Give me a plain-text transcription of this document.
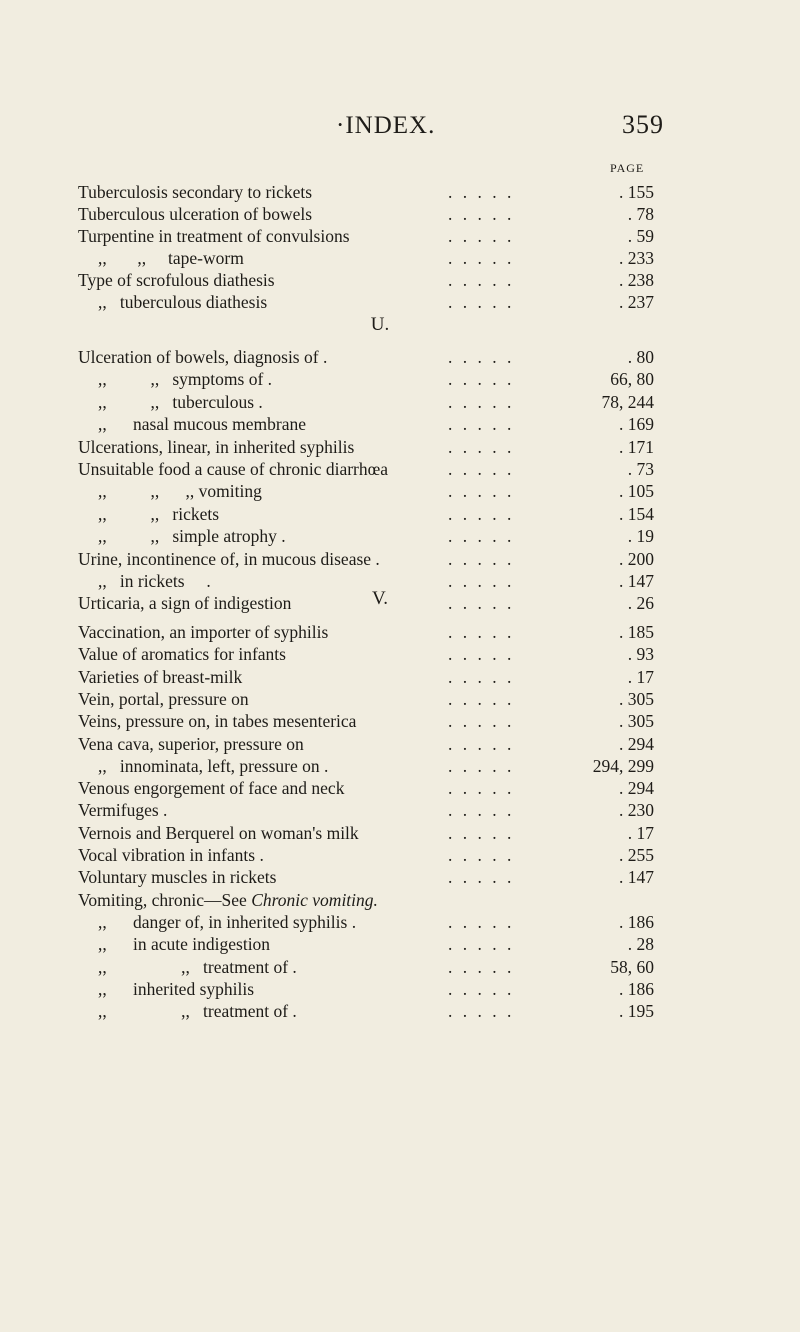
·INDEX.	359
PAGE
Tuberculosis secondary to rickets	. . . . .	. 155
Tuberculous ulceration of bowels	. . . . .	. 78
Turpentine in treatment of convulsions	. . . . .	. 59
,,       ,,     tape-worm	. . . . .	. 233
Type of scrofulous diathesis	. . . . .	. 238
,,   tuberculous diathesis	. . . . .	. 237
U.
Ulceration of bowels, diagnosis of .	. . . . .	. 80
,,          ,,   symptoms of .	. . . . .	66, 80
,,          ,,   tuberculous .	. . . . .	78, 244
,,      nasal mucous membrane	. . . . .	. 169
Ulcerations, linear, in inherited syphilis	. . . . .	. 171
Unsuitable food a cause of chronic diarrhœa	. . . . .	. 73
,,          ,,      ,, vomiting	. . . . .	. 105
,,          ,,   rickets	. . . . .	. 154
,,          ,,   simple atrophy .	. . . . .	. 19
Urine, incontinence of, in mucous disease .	. . . . .	. 200
,,   in rickets     .	. . . . .	. 147
Urticaria, a sign of indigestion	. . . . .	. 26
V.
Vaccination, an importer of syphilis	. . . . .	. 185
Value of aromatics for infants	. . . . .	. 93
Varieties of breast-milk	. . . . .	. 17
Vein, portal, pressure on	. . . . .	. 305
Veins, pressure on, in tabes mesenterica	. . . . .	. 305
Vena cava, superior, pressure on	. . . . .	. 294
,,   innominata, left, pressure on .	. . . . .	294, 299
Venous engorgement of face and neck	. . . . .	. 294
Vermifuges .	. . . . .	. 230
Vernois and Berquerel on woman's milk	. . . . .	. 17
Vocal vibration in infants .	. . . . .	. 255
Voluntary muscles in rickets	. . . . .	. 147
Vomiting, chronic—See Chronic vomiting.
,,      danger of, in inherited syphilis .	. . . . .	. 186
,,      in acute indigestion	. . . . .	. 28
,,                 ,,   treatment of .	. . . . .	58, 60
,,      inherited syphilis	. . . . .	. 186
,,                 ,,   treatment of .	. . . . .	. 195
